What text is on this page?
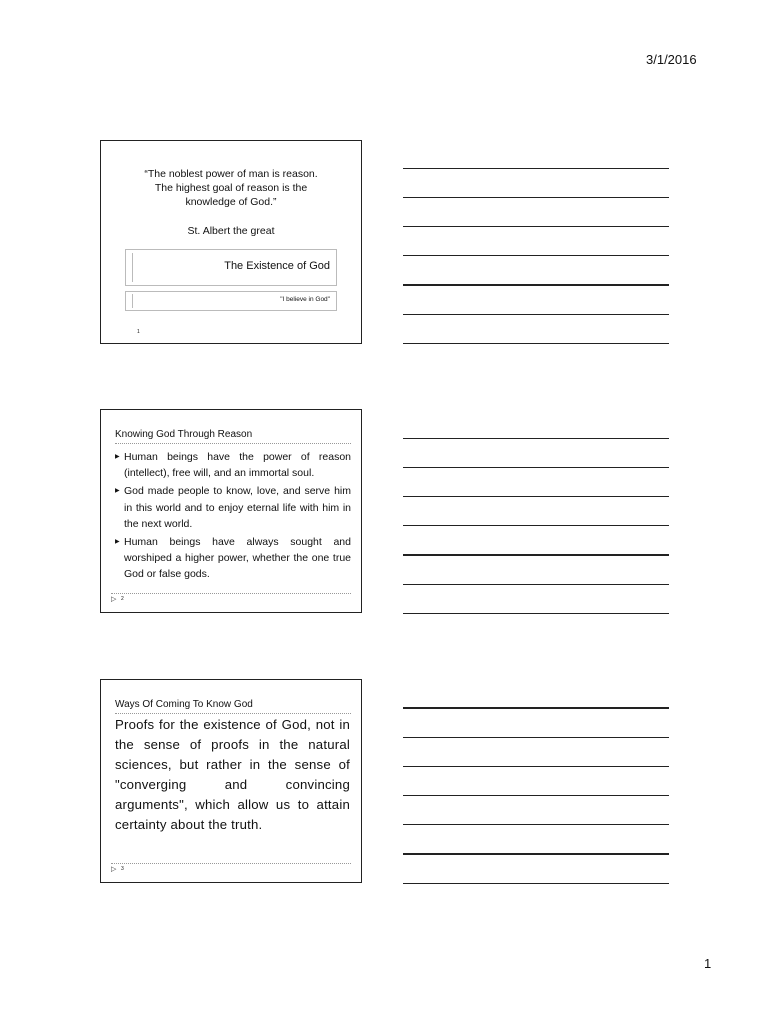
3/1/2016
“The noblest power of man is reason.
The highest goal of reason is the
knowledge of God.”
St. Albert the great
The Existence of God
"I believe in God"
1
Knowing God Through Reason
▶ Human beings have the power of reason (intellect), free will, and an immortal soul.
▶ God made people to know, love, and serve him in this world and to enjoy eternal life with him in the next world.
▶ Human beings have always sought and worshiped a higher power, whether the one true God or false gods.
▷ 2
Ways Of Coming To Know God
Proofs for the existence of God, not in the sense of proofs in the natural sciences, but rather in the sense of "converging and convincing arguments", which allow us to attain certainty about the truth.
▷ 3
1
